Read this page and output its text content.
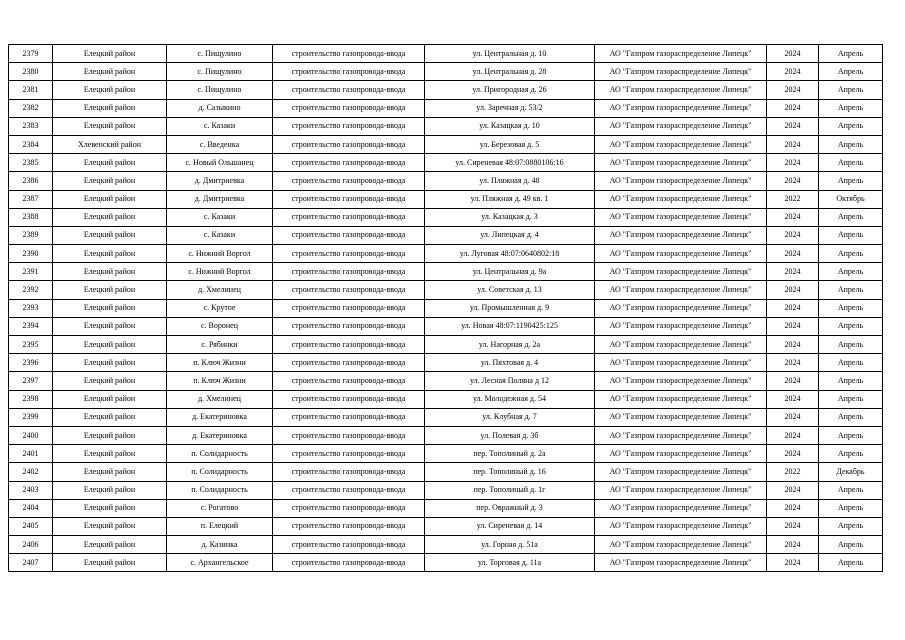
2379	Елецкий район	с. Пищулино	строительство газопровода-ввода	ул. Центральная д. 10	АО "Газпром газораспределение Липецк"	2024	Апрель
2380	Елецкий район	с. Пищулино	строительство газопровода-ввода	ул. Центральная д. 28	АО "Газпром газораспределение Липецк"	2024	Апрель
2381	Елецкий район	с. Пищулино	строительство газопровода-ввода	ул. Пригородная д. 26	АО "Газпром газораспределение Липецк"	2024	Апрель
2382	Елецкий район	д. Сазыкино	строительство газопровода-ввода	ул. Заречная д. 53/2	АО "Газпром газораспределение Липецк"	2024	Апрель
2383	Елецкий район	с. Казаки	строительство газопровода-ввода	ул. Казацкая д. 10	АО "Газпром газораспределение Липецк"	2024	Апрель
2384	Хлевенский район	с. Введенка	строительство газопровода-ввода	ул. Березовая д. 5	АО "Газпром газораспределение Липецк"	2024	Апрель
2385	Елецкий район	с. Новый Ольшанец	строительство газопровода-ввода	ул. Сиреневая 48:07:0880106:16	АО "Газпром газораспределение Липецк"	2024	Апрель
2386	Елецкий район	д. Дмитриевка	строительство газопровода-ввода	ул. Пляжная д. 48	АО "Газпром газораспределение Липецк"	2024	Апрель
2387	Елецкий район	д. Дмитриевка	строительство газопровода-ввода	ул. Пляжная д. 49 кв. 1	АО "Газпром газораспределение Липецк"	2022	Октябрь
2388	Елецкий район	с. Казаки	строительство газопровода-ввода	ул. Казацкая д. 3	АО "Газпром газораспределение Липецк"	2024	Апрель
2389	Елецкий район	с. Казаки	строительство газопровода-ввода	ул. Липецкая д. 4	АО "Газпром газораспределение Липецк"	2024	Апрель
2390	Елецкий район	с. Нижний Воргол	строительство газопровода-ввода	ул. Луговая 48:07:0640802:18	АО "Газпром газораспределение Липецк"	2024	Апрель
2391	Елецкий район	с. Нижний Воргол	строительство газопровода-ввода	ул. Центральная д. 9а	АО "Газпром газораспределение Липецк"	2024	Апрель
2392	Елецкий район	д. Хмелинец	строительство газопровода-ввода	ул. Советская д. 13	АО "Газпром газораспределение Липецк"	2024	Апрель
2393	Елецкий район	с. Крутое	строительство газопровода-ввода	ул. Промышленная д. 9	АО "Газпром газораспределение Липецк"	2024	Апрель
2394	Елецкий район	с. Воронец	строительство газопровода-ввода	ул. Новая 48:07:1190425:125	АО "Газпром газораспределение Липецк"	2024	Апрель
2395	Елецкий район	с. Рябинки	строительство газопровода-ввода	ул. Нагорная д. 2а	АО "Газпром газораспределение Липецк"	2024	Апрель
2396	Елецкий район	п. Ключ Жизни	строительство газопровода-ввода	ул. Пяхтовая д. 4	АО "Газпром газораспределение Липецк"	2024	Апрель
2397	Елецкий район	п. Ключ Жизни	строительство газопровода-ввода	ул. Лесная Поляна д 12	АО "Газпром газораспределение Липецк"	2024	Апрель
2398	Елецкий район	д. Хмелинец	строительство газопровода-ввода	ул. Молодежная д. 54	АО "Газпром газораспределение Липецк"	2024	Апрель
2399	Елецкий район	д. Екатериновка	строительство газопровода-ввода	ул. Клубная д. 7	АО "Газпром газораспределение Липецк"	2024	Апрель
2400	Елецкий район	д. Екатериновка	строительство газопровода-ввода	ул. Полевая д. 3б	АО "Газпром газораспределение Липецк"	2024	Апрель
2401	Елецкий район	п. Солидарность	строительство газопровода-ввода	пер. Тополиный д. 2а	АО "Газпром газораспределение Липецк"	2024	Апрель
2402	Елецкий район	п. Солидарность	строительство газопровода-ввода	пер. Тополиный д. 16	АО "Газпром газораспределение Липецк"	2022	Декабрь
2403	Елецкий район	п. Солидарность	строительство газопровода-ввода	пер. Тополиный д. 1г	АО "Газпром газораспределение Липецк"	2024	Апрель
2404	Елецкий район	с. Рогатово	строительство газопровода-ввода	пер. Овражный д. 3	АО "Газпром газораспределение Липецк"	2024	Апрель
2405	Елецкий район	п. Елецкий	строительство газопровода-ввода	ул. Сиреневая д. 14	АО "Газпром газораспределение Липецк"	2024	Апрель
2406	Елецкий район	д. Казинка	строительство газопровода-ввода	ул. Горная д. 51а	АО "Газпром газораспределение Липецк"	2024	Апрель
2407	Елецкий район	с. Архангельское	строительство газопровода-ввода	ул. Торговая д. 11а	АО "Газпром газораспределение Липецк"	2024	Апрель
